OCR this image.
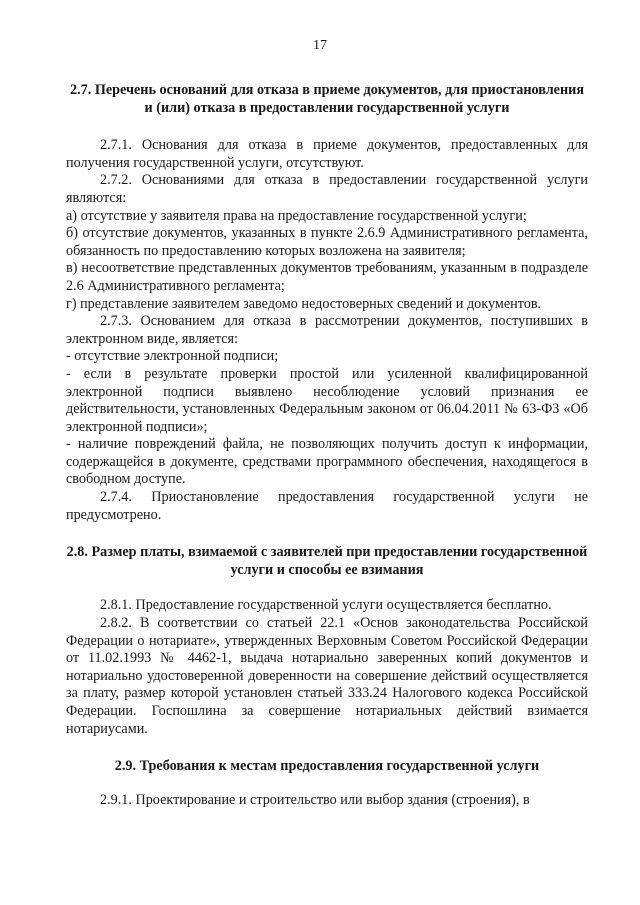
17
2.7. Перечень оснований для отказа в приеме документов, для приостановления и (или) отказа в предоставлении государственной услуги

2.7.1. Основания для отказа в приеме документов, предоставленных для получения государственной услуги, отсутствуют.

2.7.2. Основаниями для отказа в предоставлении государственной услуги являются:

а) отсутствие у заявителя права на предоставление государственной услуги;

б) отсутствие документов, указанных в пункте 2.6.9 Административного регламента, обязанность по предоставлению которых возложена на заявителя;

в) несоответствие представленных документов требованиям, указанным в подразделе 2.6 Административного регламента;

г) представление заявителем заведомо недостоверных сведений и документов.

2.7.3. Основанием для отказа в рассмотрении документов, поступивших в электронном виде, является:

- отсутствие электронной подписи;

- если в результате проверки простой или усиленной квалифицированной электронной подписи выявлено несоблюдение условий признания ее действительности, установленных Федеральным законом от 06.04.2011 № 63-ФЗ «Об электронной подписи»;

- наличие повреждений файла, не позволяющих получить доступ к информации, содержащейся в документе, средствами программного обеспечения, находящегося в свободном доступе.

2.7.4. Приостановление предоставления государственной услуги не предусмотрено.

2.8. Размер платы, взимаемой с заявителей при предоставлении государственной услуги и способы ее взимания

2.8.1. Предоставление государственной услуги осуществляется бесплатно.

2.8.2. В соответствии со статьей 22.1 «Основ законодательства Российской Федерации о нотариате», утвержденных Верховным Советом Российской Федерации от 11.02.1993 № 4462-1, выдача нотариально заверенных копий документов и нотариально удостоверенной доверенности на совершение действий осуществляется за плату, размер которой установлен статьей 333.24 Налогового кодекса Российской Федерации. Госпошлина за совершение нотариальных действий взимается нотариусами.

2.9. Требования к местам предоставления государственной услуги

2.9.1. Проектирование и строительство или выбор здания (строения), в
